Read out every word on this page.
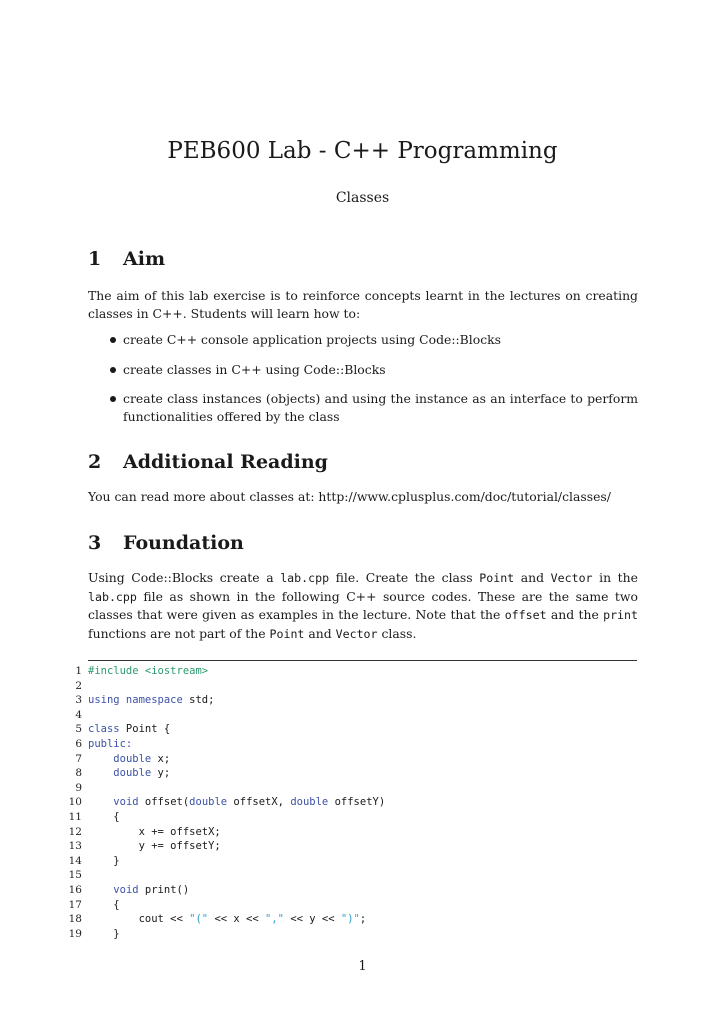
PEB600 Lab - C++ Programming
Classes
1 Aim
The aim of this lab exercise is to reinforce concepts learnt in the lectures on creating classes in C++. Students will learn how to:
create C++ console application projects using Code::Blocks
create classes in C++ using Code::Blocks
create class instances (objects) and using the instance as an interface to perform functionalities offered by the class
2 Additional Reading
You can read more about classes at: http://www.cplusplus.com/doc/tutorial/classes/
3 Foundation
Using Code::Blocks create a lab.cpp file. Create the class Point and Vector in the lab.cpp file as shown in the following C++ source codes. These are the same two classes that were given as examples in the lecture. Note that the offset and the print functions are not part of the Point and Vector class.
1 #include <iostream>
2
3 using namespace std;
4
5 class Point {
6 public:
7	double x;
8	double y;
9
10	void offset(double offsetX, double offsetY)
11    {
12        x += offsetX;
13        y += offsetY;
14    }
15
16	void print()
17    {
18        cout << "(" << x << "," << y << ")";
19    }
1
